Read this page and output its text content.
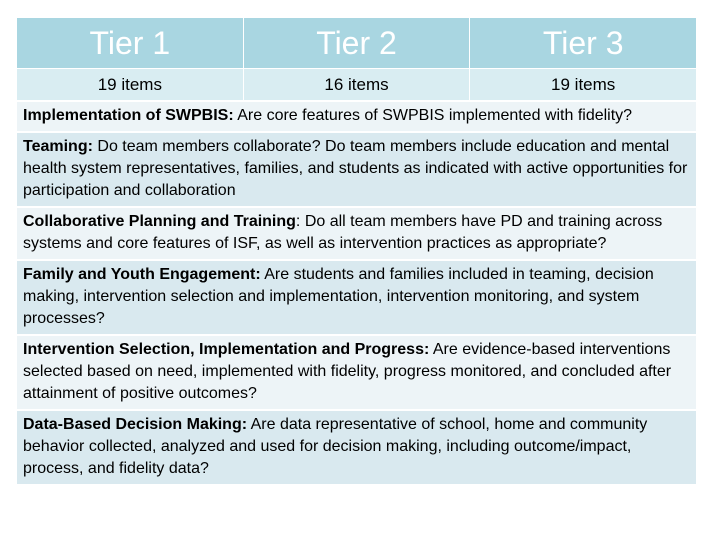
Tier 1	Tier 2	Tier 3
19 items	16 items	19 items
Implementation of SWPBIS: Are core features of SWPBIS implemented with fidelity?
Teaming: Do team members collaborate? Do team members include education and mental health system representatives, families, and students as indicated with active opportunities for participation and collaboration
Collaborative Planning and Training: Do all team members have PD and training across systems and core features of ISF, as well as intervention practices as appropriate?
Family and Youth Engagement: Are students and families included in teaming, decision making, intervention selection and implementation, intervention monitoring, and system processes?
Intervention Selection, Implementation and Progress: Are evidence-based interventions selected based on need, implemented with fidelity, progress monitored, and concluded after attainment of positive outcomes?
Data-Based Decision Making: Are data representative of school, home and community behavior collected, analyzed and used for decision making, including outcome/impact, process, and fidelity data?
